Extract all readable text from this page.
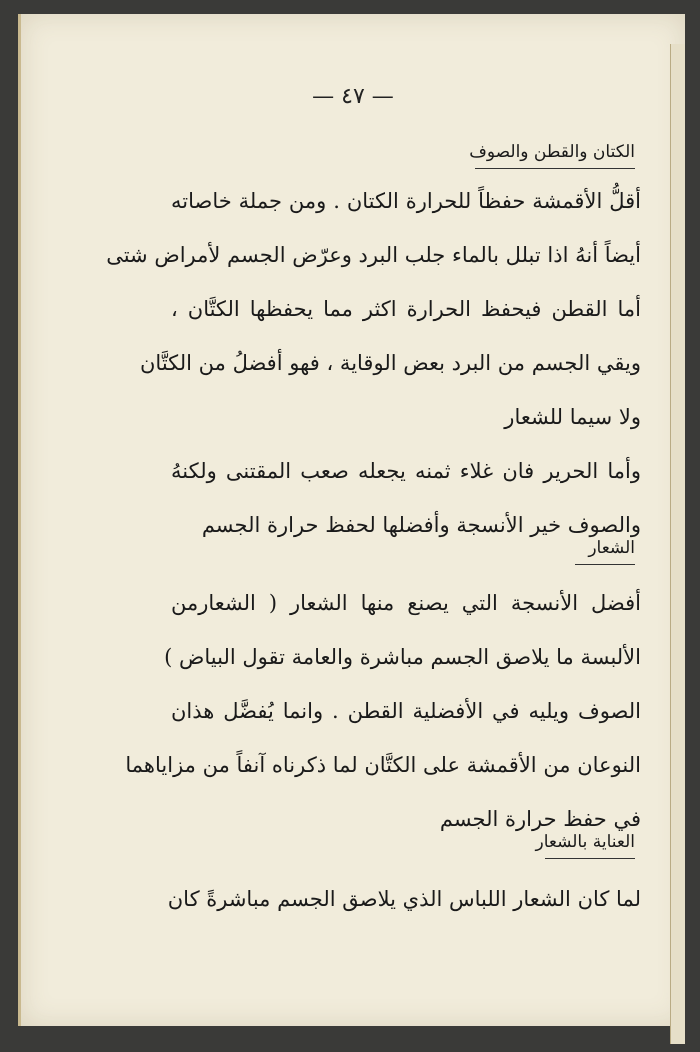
— ٤٧ —
الكتان والقطن والصوف
أقلُّ الأقمشة حفظاً للحرارة الكتان . ومن جملة خاصاته
أيضاً أنهُ اذا تبلل بالماء جلب البرد وعرّض الجسم لأمراض شتى
أما القطن فيحفظ الحرارة اكثر مما يحفظها الكتَّان ،
ويقي الجسم من البرد بعض الوقاية ، فهو أفضلُ من الكتَّان
ولا سيما للشعار
وأما الحرير فان غلاء ثمنه يجعله صعب المقتنى ولكنهُ
والصوف خير الأنسجة وأفضلها لحفظ حرارة الجسم
الشعار
أفضل الأنسجة التي يصنع منها الشعار ( الشعارمن
الألبسة ما يلاصق الجسم مباشرة والعامة تقول البياض )
الصوف ويليه في الأفضلية القطن . وانما يُفضَّل هذان
النوعان من الأقمشة على الكتَّان لما ذكرناه آنفاً من مزاياهما
في حفظ حرارة الجسم
العناية بالشعار
لما كان الشعار اللباس الذي يلاصق الجسم مباشرةً كان
